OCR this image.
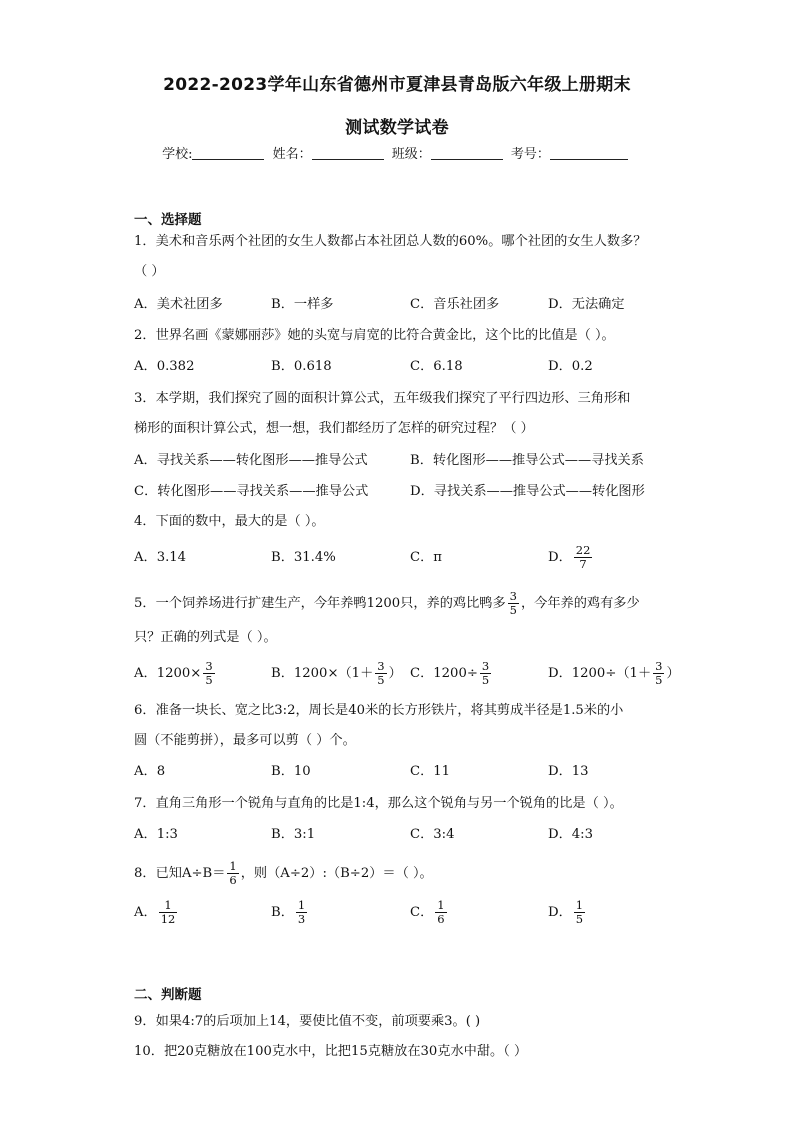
2022-2023学年山东省德州市夏津县青岛版六年级上册期末
测试数学试卷
学校:	姓名：	班级：	考号：
一、选择题
1．美术和音乐两个社团的女生人数都占本社团总人数的60%。哪个社团的女生人数多？
（ ）
A．美术社团多	B．一样多	C．音乐社团多	D．无法确定
2．世界名画《蒙娜丽莎》她的头宽与肩宽的比符合黄金比，这个比的比值是（ ）。
A．0.382	B．0.618	C．6.18	D．0.2
3．本学期，我们探究了圆的面积计算公式，五年级我们探究了平行四边形、三角形和
梯形的面积计算公式，想一想，我们都经历了怎样的研究过程？（ ）
A．寻找关系——转化图形——推导公式	B．转化图形——推导公式——寻找关系
C．转化图形——寻找关系——推导公式	D．寻找关系——推导公式——转化图形
4．下面的数中，最大的是（ ）。
A．3.14	B．31.4%	C．π	D． $\frac{22}{7}$
5．一个饲养场进行扩建生产，今年养鸭1200只，养的鸡比鸭多 $\frac{3}{5}$ ，今年养的鸡有多少
只？正确的列式是（ ）。
A．$1200\times \frac{3}{5}$	B．$1200\times(1+ \frac{3}{5}$ ） C．$1200\div \frac{3}{5}$	D．$1200\div(1+ \frac{3}{5}$ ）
6．准备一块长、宽之比3:2，周长是40米的长方形铁片，将其剪成半径是1.5米的小
圆（不能剪拼），最多可以剪（ ）个。
A．8	B．10	C．11	D．13
7．直角三角形一个锐角与直角的比是1:4，那么这个锐角与另一个锐角的比是（ ）。
A．1:3	B．3:1	C．3:4	D．4:3
8．已知$A\div B= \frac{1}{6}$ ，则（A÷2）:（B÷2）＝（ ）。
A． $\frac{1}{12}$	B． $\frac{1}{3}$	C． $\frac{1}{6}$	D． $\frac{1}{5}$
二、判断题
9．如果4:7的后项加上14，要使比值不变，前项要乘3。( )
10．把20克糖放在100克水中，比把15克糖放在30克水中甜。（ ）
